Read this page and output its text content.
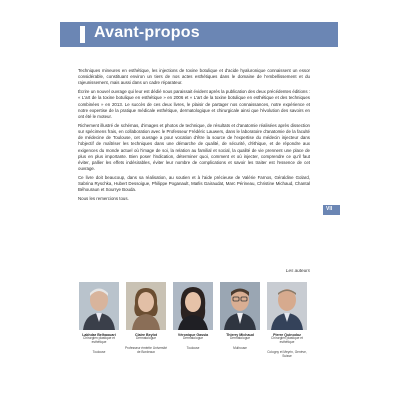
Avant-propos
VII

Techniques mineures en esthétique, les injections de toxine botulique et d'acide hyaluronique connaissent un essor considérable, constituant environ un tiers de nos actes esthétiques dans le domaine de l'embellissement et du rajeunissement, mais aussi dans un cadre réparateur.

Écrire un nouvel ouvrage qui leur est dédié nous paraissait évident après la publication des deux précédentes éditions : « L'art de la toxine botulique en esthétique » en 2006 et « L'art de la toxine botulique en esthétique et des techniques combinées » en 2013. Le succès de ces deux livres, le plaisir de partager nos connaissances, notre expérience et notre expertise de la pratique médicale esthétique, dermatologique et chirurgicale ainsi que l'évolution des savoirs en ont été le moteur.

Richement illustré de schémas, d'images et photos de technique, de résultats et d'anatomie réalisées après dissection sur spécimens frais, en collaboration avec le Professeur Frédéric Lauwers, dans le laboratoire d'anatomie de la faculté de médecine de Toulouse, cet ouvrage a pour vocation d'être la source de l'expertise du médecin injecteur dans l'objectif de maîtriser les techniques dans une démarche de qualité, de sécurité, d'éthique, et de répondre aux exigences du monde actuel où l'image de soi, la relation au familial et social, la qualité de vie prennent une place de plus en plus importante. Bien poser l'indication, déterminer quoi, comment et où injecter, comprendre ce qu'il faut éviter, pallier les effets indésirables, éviter leur nombre de complications et savoir les traiter est l'essence de cet ouvrage.

Ce livre doit beaucoup, dans sa réalisation, au soutien et à l'aide précieuse de Valérie Farnos, Géraldine Golard, Sabrina Ryschka, Hubert Dessoigue, Philippe Poganault, Maïlis Gairaudat, Marc Périneau, Christine Michaud, Chantal Béhouraun et Sourrye Bouda.

Nous les remercions tous.

Les auteurs
Lakhdar Belhaouari
Chirurgien plastique et esthétique
Toulouse
Claire Beylot
Dermatologue
Professeur émérite Université de Bordeaux
Véronique Gassia
Dermatologue
Toulouse
Thierry Michaud
Dermatologue
Mulhouse
Pierre Quinodoz
Chirurgien plastique et esthétique
Cologny et Meyrin, Genève, Suisse
